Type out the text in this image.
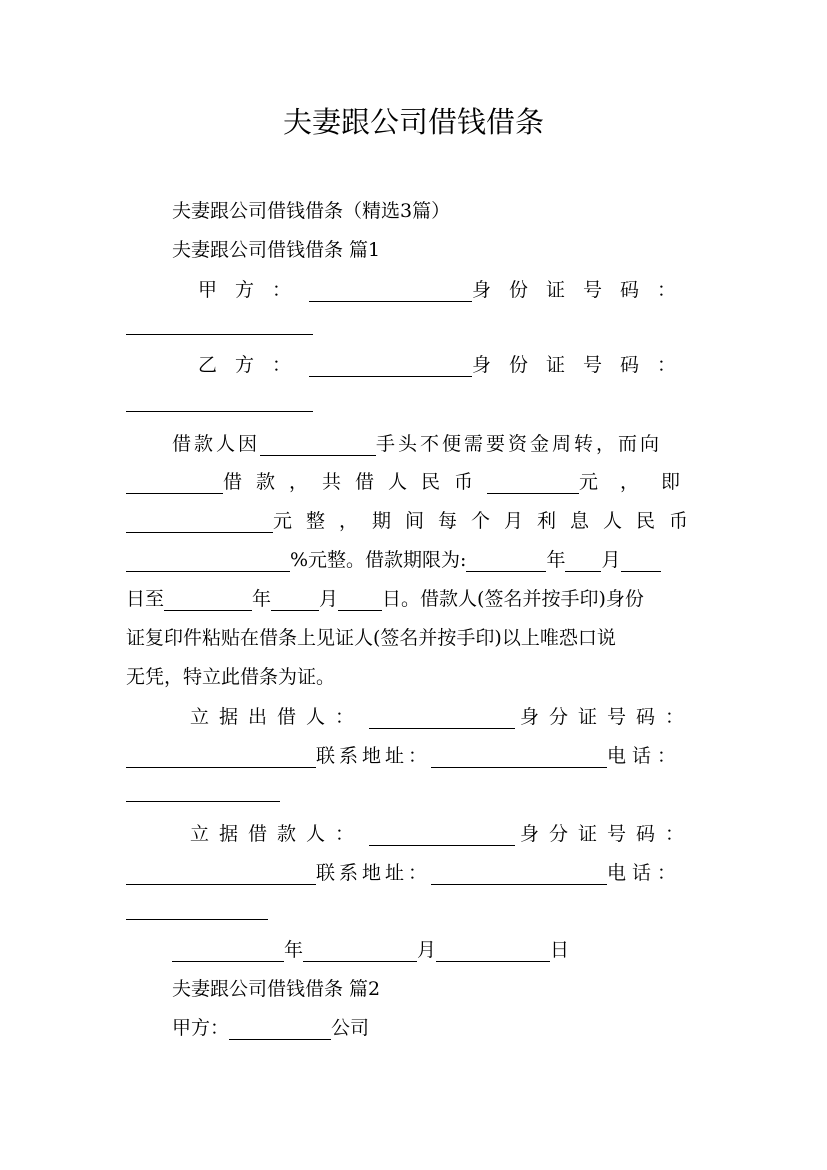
夫妻跟公司借钱借条
夫妻跟公司借钱借条（精选3篇）
夫妻跟公司借钱借条 篇1
甲方：	身份证号码：
乙方：	身份证号码：
借款人因	手头不便需要资金周转，而向
借款，共借人民币	元，即
元整，期间每个月利息人民币
%元整。借款期限为:	年 月
日至	年	月 日。借款人(签名并按手印)身份
证复印件粘贴在借条上见证人(签名并按手印)以上唯恐口说
无凭，特立此借条为证。
立据出借人：	身分证号码：
联系地址：	电话：
立据借款人：	身分证号码：
联系地址：	电话：
年	月	日
夫妻跟公司借钱借条 篇2
甲方：	公司
